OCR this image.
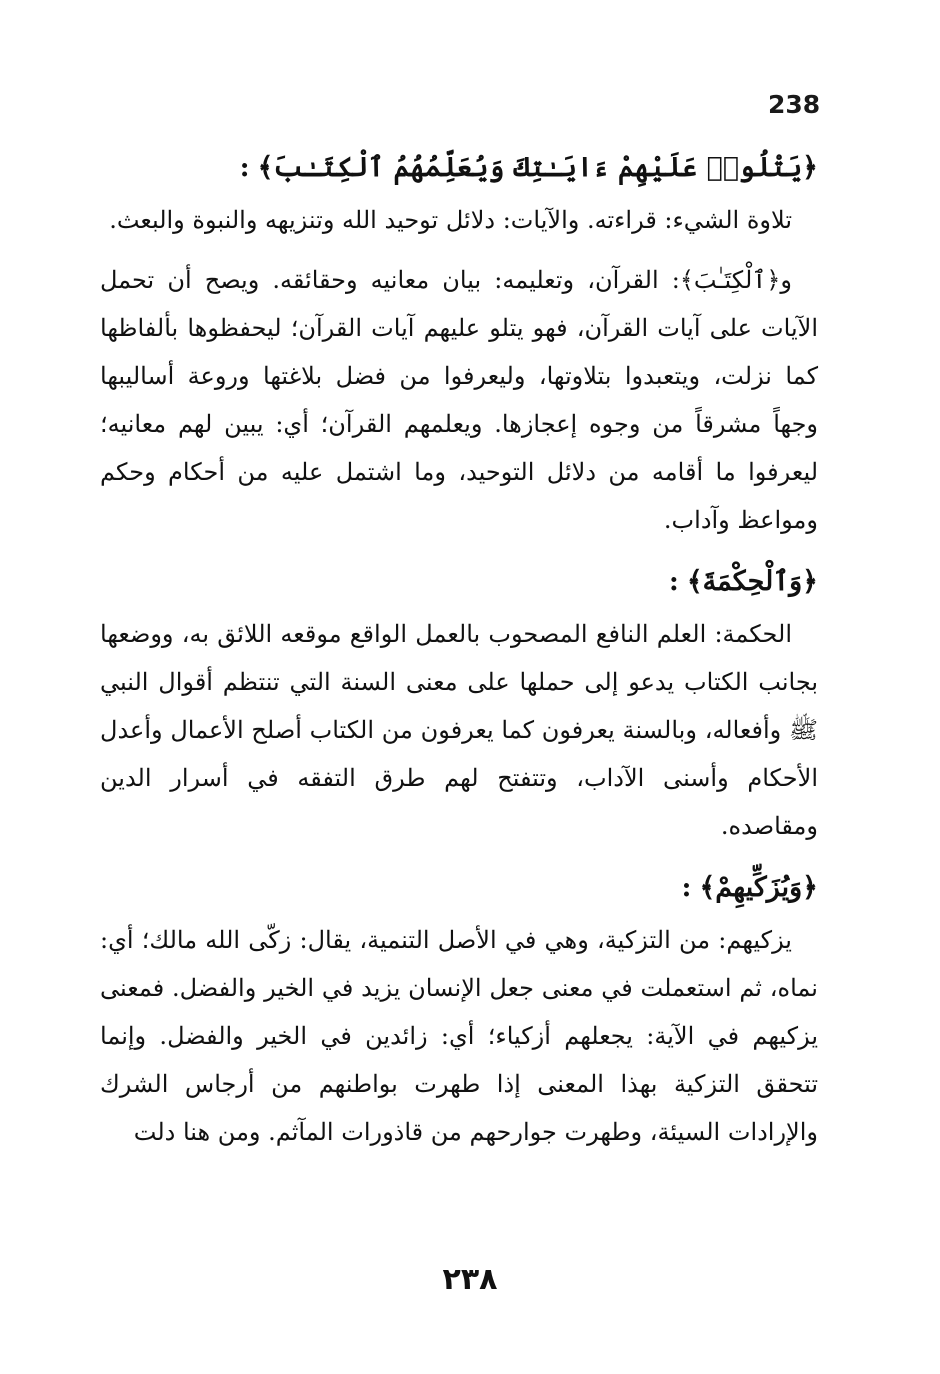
238
﴿يَتْلُوا۟ عَلَيْهِمْ ءَايَـٰتِكَ وَيُعَلِّمُهُمُ ٱلْكِتَـٰبَ﴾:

تلاوة الشيء: قراءته. والآيات: دلائل توحيد الله وتنزيهه والنبوة والبعث.

و﴿ٱلْكِتَـٰبَ﴾: القرآن، وتعليمه: بيان معانيه وحقائقه. ويصح أن تحمل الآيات على آيات القرآن، فهو يتلو عليهم آيات القرآن؛ ليحفظوها بألفاظها كما نزلت، ويتعبدوا بتلاوتها، وليعرفوا من فضل بلاغتها وروعة أساليبها وجهاً مشرقاً من وجوه إعجازها. ويعلمهم القرآن؛ أي: يبين لهم معانيه؛ ليعرفوا ما أقامه من دلائل التوحيد، وما اشتمل عليه من أحكام وحكم ومواعظ وآداب.

﴿وَٱلْحِكْمَةَ﴾:

الحكمة: العلم النافع المصحوب بالعمل الواقع موقعه اللائق به، ووضعها بجانب الكتاب يدعو إلى حملها على معنى السنة التي تنتظم أقوال النبي ﷺ وأفعاله، وبالسنة يعرفون كما يعرفون من الكتاب أصلح الأعمال وأعدل الأحكام وأسنى الآداب، وتتفتح لهم طرق التفقه في أسرار الدين ومقاصده.

﴿وَيُزَكِّيهِمْ﴾:

يزكيهم: من التزكية، وهي في الأصل التنمية، يقال: زكّى الله مالك؛ أي: نماه، ثم استعملت في معنى جعل الإنسان يزيد في الخير والفضل. فمعنى يزكيهم في الآية: يجعلهم أزكياء؛ أي: زائدين في الخير والفضل. وإنما تتحقق التزكية بهذا المعنى إذا طهرت بواطنهم من أرجاس الشرك والإرادات السيئة، وطهرت جوارحهم من قاذورات المآثم. ومن هنا دلت

٢٣٨
